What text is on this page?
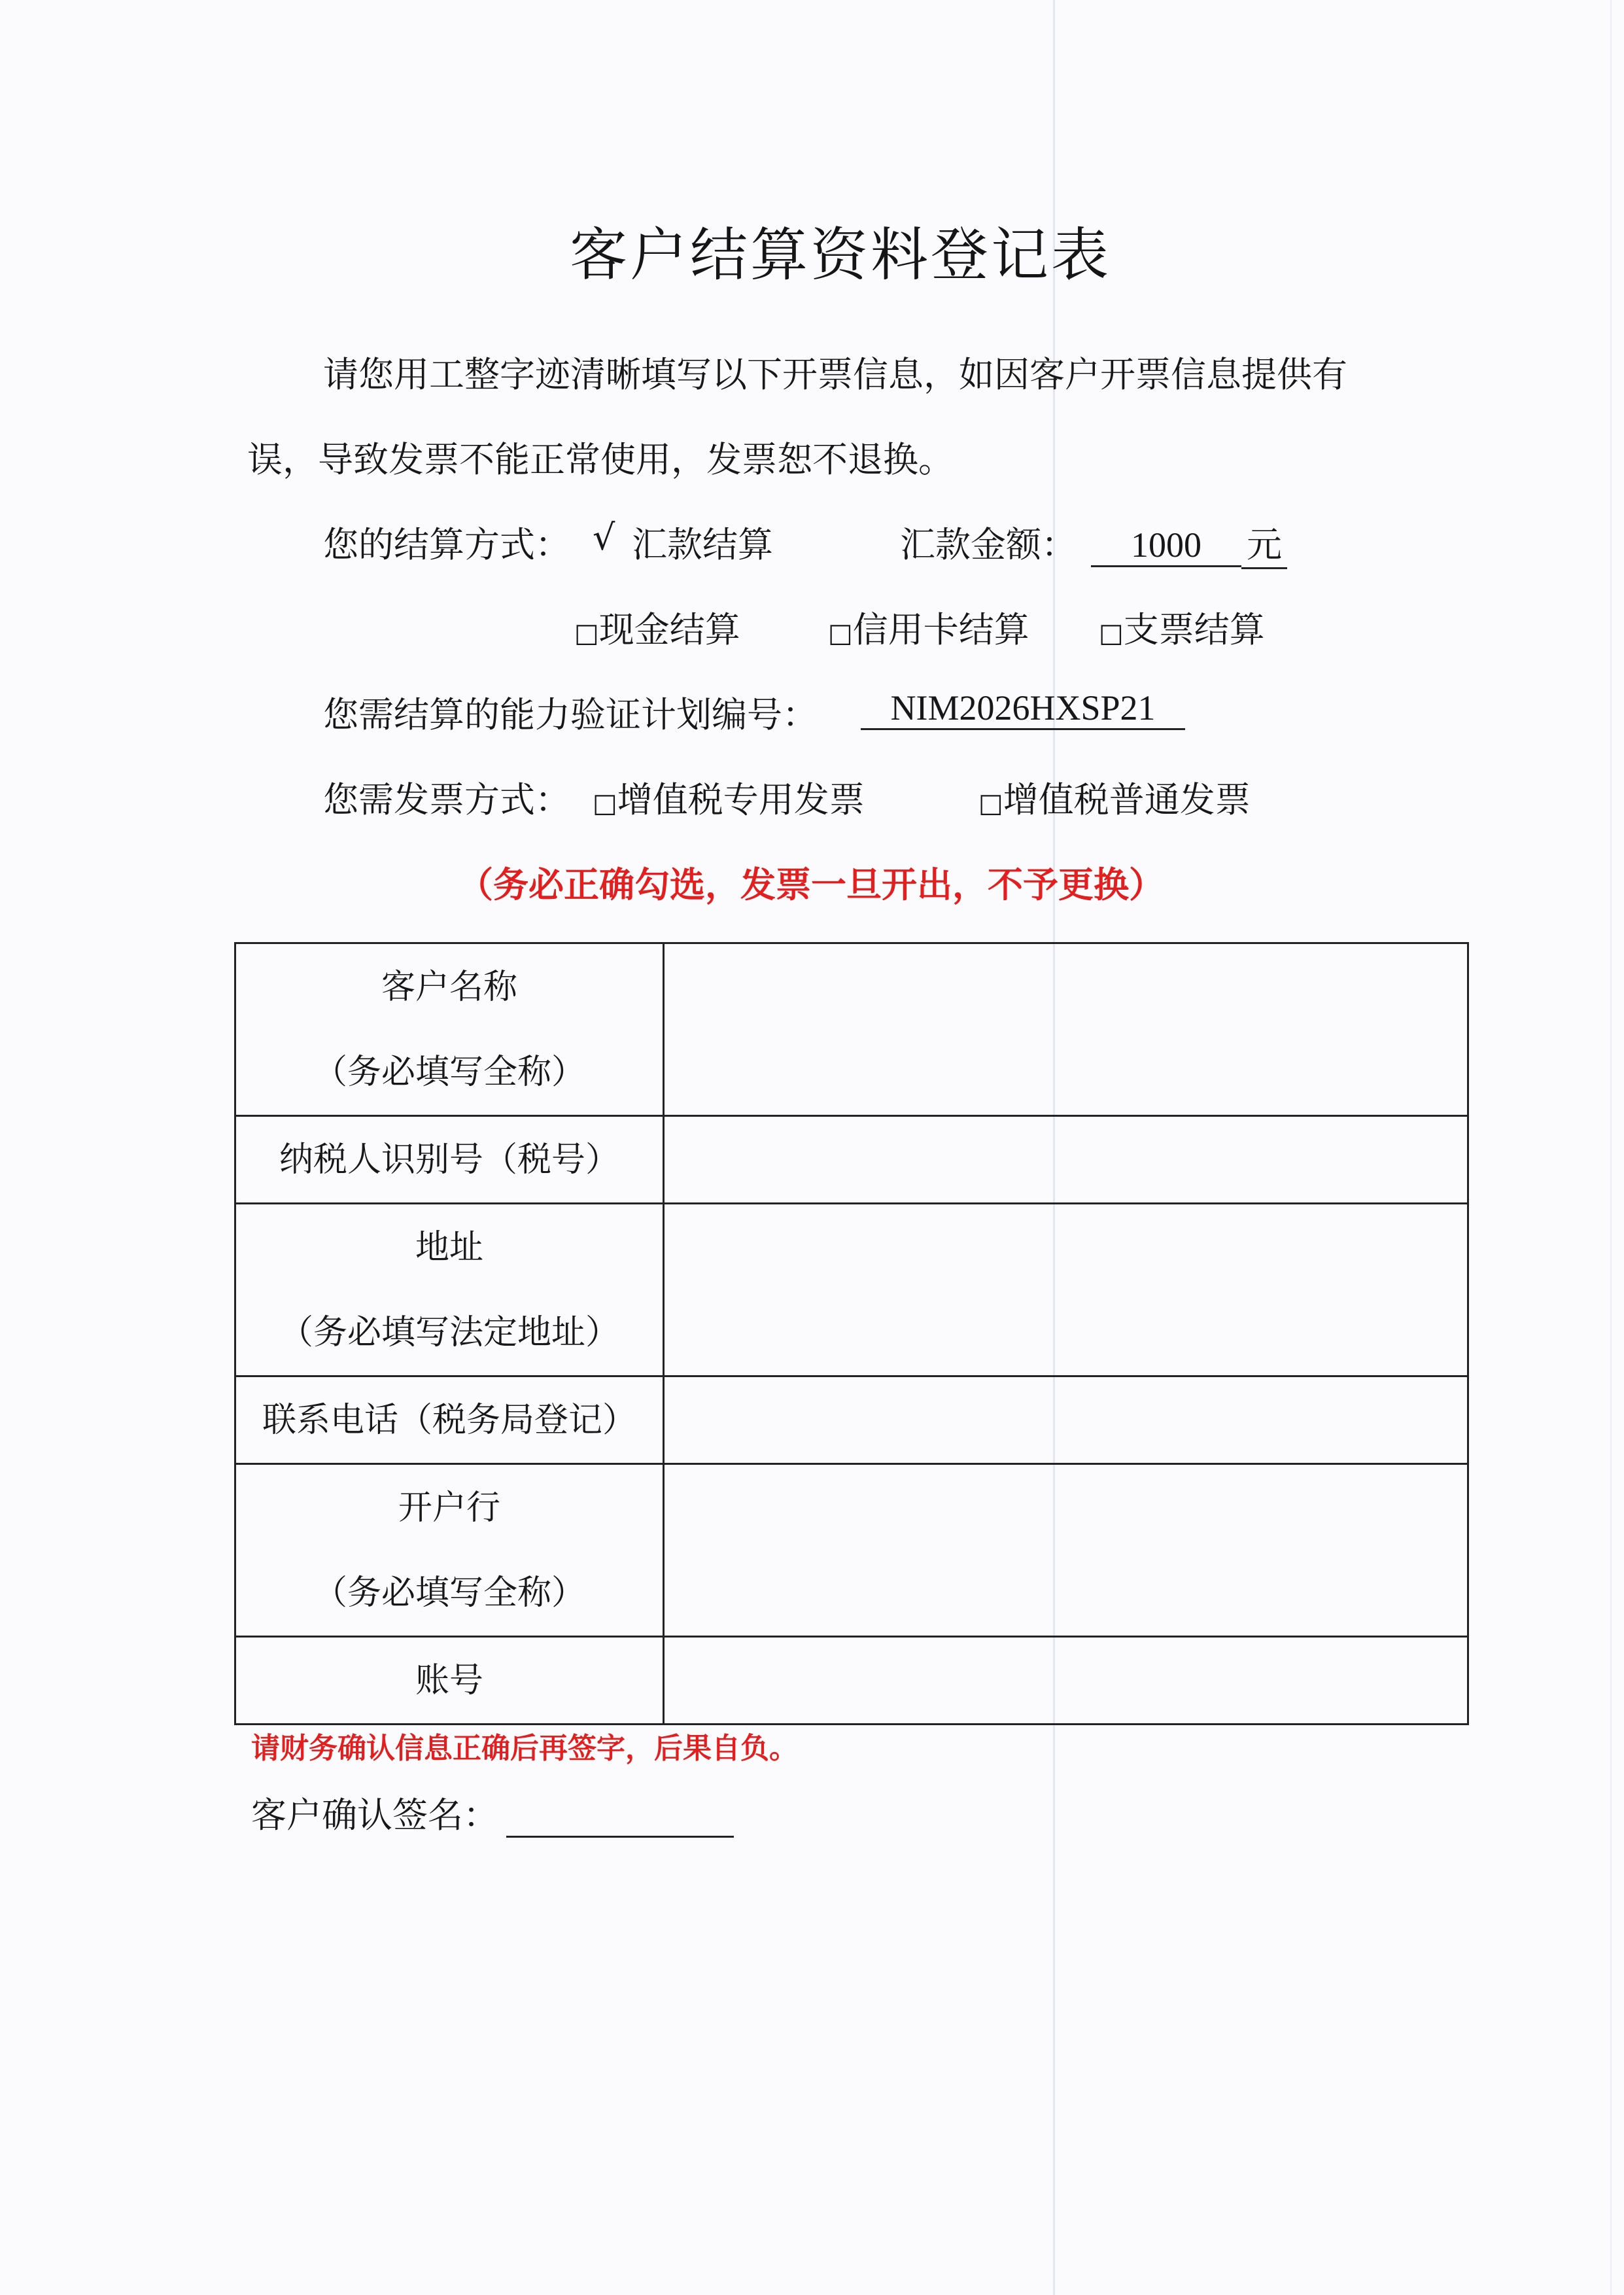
客户结算资料登记表
请您用工整字迹清晰填写以下开票信息，如因客户开票信息提供有
误，导致发票不能正常使用，发票恕不退换。
您的结算方式： √ 汇款结算	汇款金额：	1000 元
□现金结算	□信用卡结算	□支票结算
您需结算的能力验证计划编号：	NIM2026HXSP21
您需发票方式： □增值税专用发票	□增值税普通发票
（务必正确勾选，发票一旦开出，不予更换）
客户名称
（务必填写全称）	

纳税人识别号（税号）	

地址
（务必填写法定地址）	

联系电话（税务局登记）	

开户行
（务必填写全称）	

账号	

请财务确认信息正确后再签字，后果自负。
客户确认签名：
